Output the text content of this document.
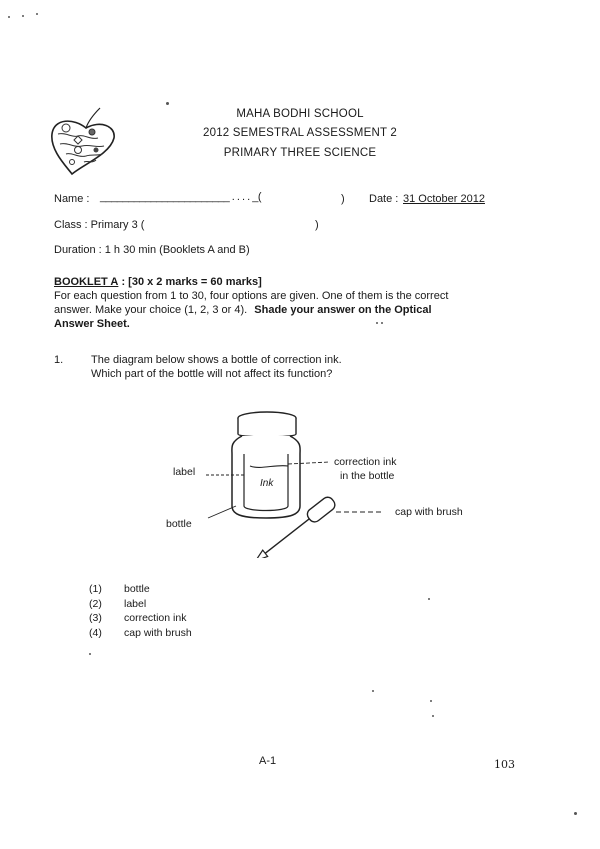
MAHA BODHI SCHOOL
2012 SEMESTRAL ASSESSMENT 2
PRIMARY THREE SCIENCE
Name : _______________________ . . . . _(	) Date : 31 October 2012
Class : Primary 3 (	)
Duration : 1 h 30 min (Booklets A and B)
BOOKLET A : [30 x 2 marks = 60 marks]
For each question from 1 to 30, four options are given. One of them is the correct
answer. Make your choice (1, 2, 3 or 4). Shade your answer on the Optical
Answer Sheet.
1.	The diagram below shows a bottle of correction ink.
Which part of the bottle will not affect its function?
Ink
label
correction ink
in the bottle
cap with brush
bottle
(1) bottle
(2) label
(3) correction ink
(4) cap with brush
A-1	103
